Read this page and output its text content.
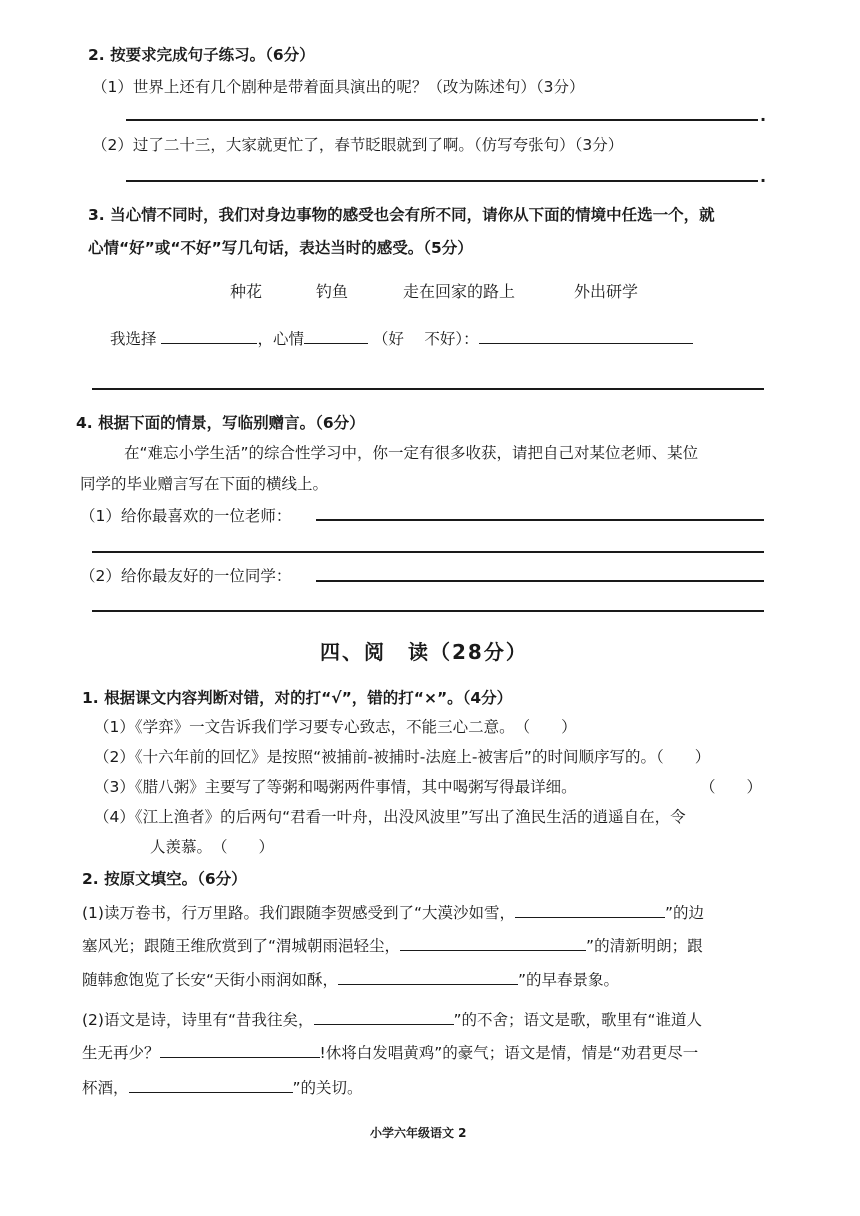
2. 按要求完成句子练习。（6分）
（1）世界上还有几个剧种是带着面具演出的呢？（改为陈述句）（3分）
.
（2）过了二十三，大家就更忙了，春节眨眼就到了啊。（仿写夸张句）（3分）
.
3. 当心情不同时，我们对身边事物的感受也会有所不同，请你从下面的情境中任选一个，就
心情“好”或“不好”写几句话，表达当时的感受。（5分）
种花	钓鱼	走在回家的路上	外出研学
我选择	，心情	（好　 不好）：
4. 根据下面的情景，写临别赠言。（6分）
在“难忘小学生活”的综合性学习中，你一定有很多收获，请把自己对某位老师、某位
同学的毕业赠言写在下面的横线上。
（1）给你最喜欢的一位老师：
（2）给你最友好的一位同学：
四、阅　读（28分）
1. 根据课文内容判断对错，对的打“√”，错的打“×”。（4分）
（1）《学弈》一文告诉我们学习要专心致志，不能三心二意。　（　　）
（2）《十六年前的回忆》是按照“被捕前-被捕时-法庭上-被害后”的时间顺序写的。（　　）
（3）《腊八粥》主要写了等粥和喝粥两件事情，其中喝粥写得最详细。	（　　）
（4）《江上渔者》的后两句“君看一叶舟，出没风波里”写出了渔民生活的逍遥自在，令
人羡慕。　（　　）
2. 按原文填空。（6分）
(1)读万卷书，行万里路。我们跟随李贺感受到了“大漠沙如雪，	”的边
塞风光；跟随王维欣赏到了“渭城朝雨浥轻尘，	”的清新明朗；跟
随韩愈饱览了长安“天街小雨润如酥，	”的早春景象。
(2)语文是诗，诗里有“昔我往矣，	”的不舍；语文是歌，歌里有“谁道人
生无再少？	!休将白发唱黄鸡”的豪气；语文是情，情是“劝君更尽一
杯酒，	”的关切。
小学六年级语文 2
